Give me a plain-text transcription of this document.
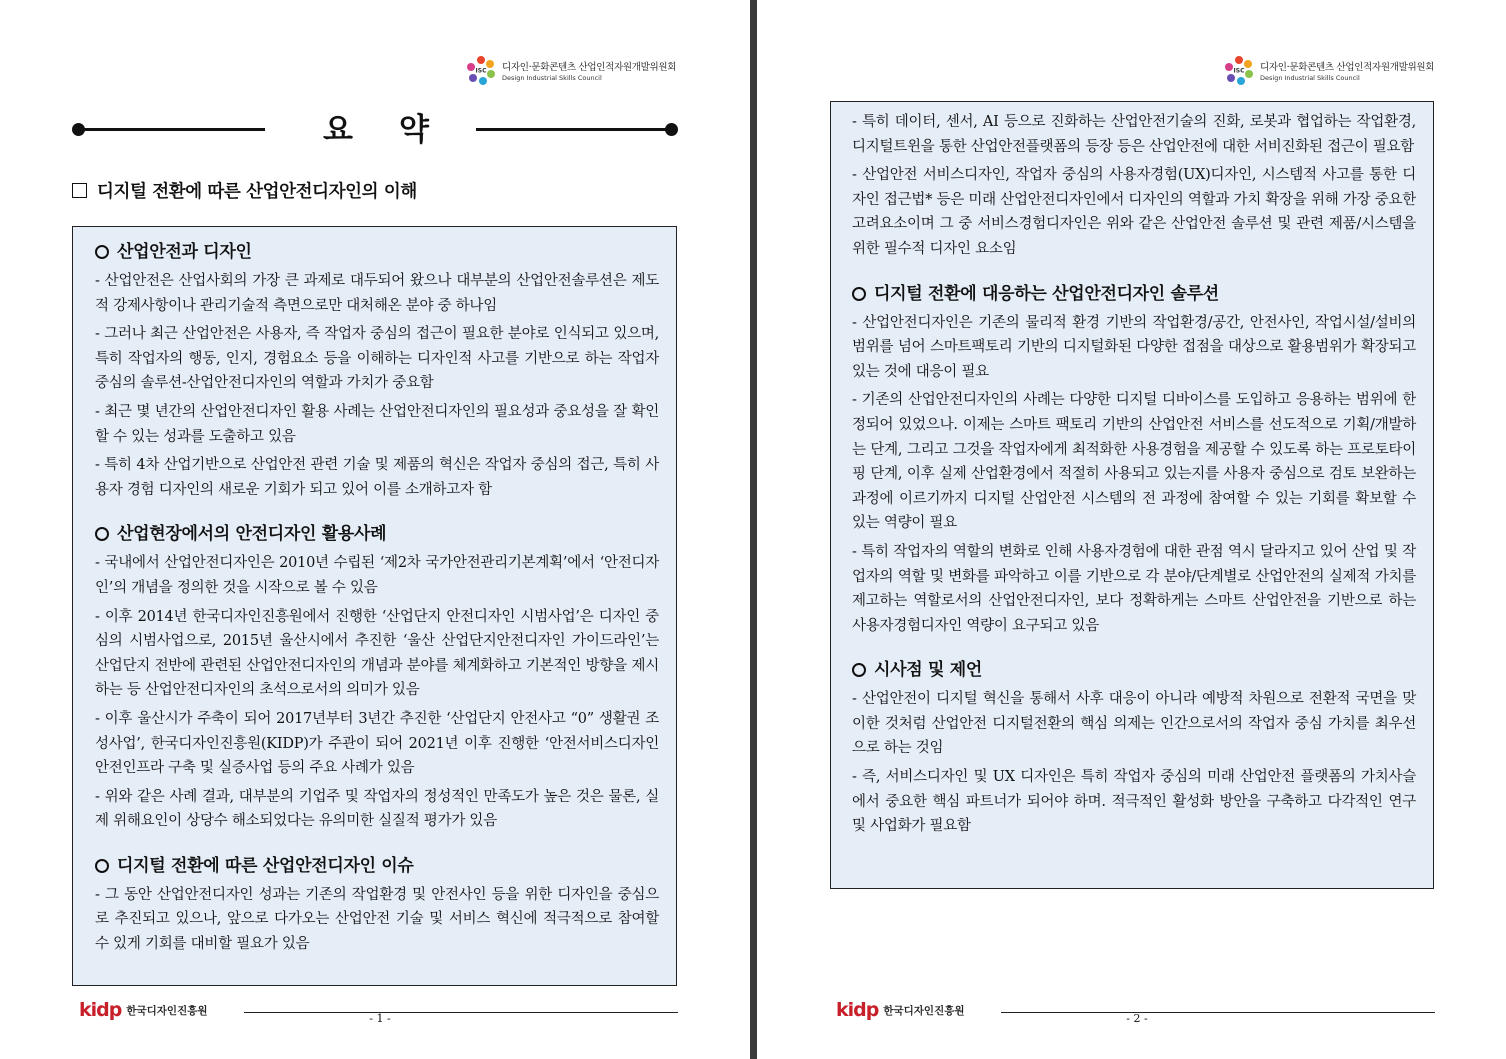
ISC 디자인·문화콘텐츠 산업인적자원개발위원회
Design Industrial Skills Council
요약
디지털 전환에 따른 산업안전디자인의 이해
산업안전과 디자인

- 산업안전은 산업사회의 가장 큰 과제로 대두되어 왔으나 대부분의 산업안전솔루션은 제도적 강제사항이나 관리기술적 측면으로만 대처해온 분야 중 하나임

- 그러나 최근 산업안전은 사용자, 즉 작업자 중심의 접근이 필요한 분야로 인식되고 있으며, 특히 작업자의 행동, 인지, 경험요소 등을 이해하는 디자인적 사고를 기반으로 하는 작업자 중심의 솔루션-산업안전디자인의 역할과 가치가 중요함

- 최근 몇 년간의 산업안전디자인 활용 사례는 산업안전디자인의 필요성과 중요성을 잘 확인할 수 있는 성과를 도출하고 있음

- 특히 4차 산업기반으로 산업안전 관련 기술 및 제품의 혁신은 작업자 중심의 접근, 특히 사용자 경험 디자인의 새로운 기회가 되고 있어 이를 소개하고자 함

산업현장에서의 안전디자인 활용사례

- 국내에서 산업안전디자인은 2010년 수립된 ‘제2차 국가안전관리기본계획’에서 ‘안전디자인’의 개념을 정의한 것을 시작으로 볼 수 있음

- 이후 2014년 한국디자인진흥원에서 진행한 ‘산업단지 안전디자인 시범사업’은 디자인 중심의 시범사업으로, 2015년 울산시에서 추진한 ‘울산 산업단지안전디자인 가이드라인’는 산업단지 전반에 관련된 산업안전디자인의 개념과 분야를 체계화하고 기본적인 방향을 제시하는 등 산업안전디자인의 초석으로서의 의미가 있음

- 이후 울산시가 주축이 되어 2017년부터 3년간 추진한 ‘산업단지 안전사고 “0” 생활권 조성사업’, 한국디자인진흥원(KIDP)가 주관이 되어 2021년 이후 진행한 ‘안전서비스디자인 안전인프라 구축 및 실증사업 등의 주요 사례가 있음

- 위와 같은 사례 결과, 대부분의 기업주 및 작업자의 정성적인 만족도가 높은 것은 물론, 실제 위해요인이 상당수 해소되었다는 유의미한 실질적 평가가 있음

디지털 전환에 따른 산업안전디자인 이슈

- 그 동안 산업안전디자인 성과는 기존의 작업환경 및 안전사인 등을 위한 디자인을 중심으로 추진되고 있으나, 앞으로 다가오는 산업안전 기술 및 서비스 혁신에 적극적으로 참여할 수 있게 기회를 대비할 필요가 있음

kidp 한국디자인진흥원
- 1 -
ISC 디자인·문화콘텐츠 산업인적자원개발위원회
Design Industrial Skills Council

- 특히 데이터, 센서, AI 등으로 진화하는 산업안전기술의 진화, 로봇과 협업하는 작업환경, 디지털트윈을 통한 산업안전플랫폼의 등장 등은 산업안전에 대한 서비진화된 접근이 필요함

- 산업안전 서비스디자인, 작업자 중심의 사용자경험(UX)디자인, 시스템적 사고를 통한 디자인 접근법* 등은 미래 산업안전디자인에서 디자인의 역할과 가치 확장을 위해 가장 중요한 고려요소이며 그 중 서비스경험디자인은 위와 같은 산업안전 솔루션 및 관련 제품/시스템을 위한 필수적 디자인 요소임

디지털 전환에 대응하는 산업안전디자인 솔루션

- 산업안전디자인은 기존의 물리적 환경 기반의 작업환경/공간, 안전사인, 작업시설/설비의 범위를 넘어 스마트팩토리 기반의 디지털화된 다양한 접점을 대상으로 활용범위가 확장되고 있는 것에 대응이 필요

- 기존의 산업안전디자인의 사례는 다양한 디지털 디바이스를 도입하고 응용하는 범위에 한정되어 있었으나. 이제는 스마트 팩토리 기반의 산업안전 서비스를 선도적으로 기획/개발하는 단계, 그리고 그것을 작업자에게 최적화한 사용경험을 제공할 수 있도록 하는 프로토타이핑 단계, 이후 실제 산업환경에서 적절히 사용되고 있는지를 사용자 중심으로 검토 보완하는 과정에 이르기까지 디지털 산업안전 시스템의 전 과정에 참여할 수 있는 기회를 확보할 수 있는 역량이 필요

- 특히 작업자의 역할의 변화로 인해 사용자경험에 대한 관점 역시 달라지고 있어 산업 및 작업자의 역할 및 변화를 파악하고 이를 기반으로 각 분야/단계별로 산업안전의 실제적 가치를 제고하는 역할로서의 산업안전디자인, 보다 정확하게는 스마트 산업안전을 기반으로 하는 사용자경험디자인 역량이 요구되고 있음

시사점 및 제언

- 산업안전이 디지털 혁신을 통해서 사후 대응이 아니라 예방적 차원으로 전환적 국면을 맞이한 것처럼 산업안전 디지털전환의 핵심 의제는 인간으로서의 작업자 중심 가치를 최우선으로 하는 것임

- 즉, 서비스디자인 및 UX 디자인은 특히 작업자 중심의 미래 산업안전 플랫폼의 가치사슬에서 중요한 핵심 파트너가 되어야 하며. 적극적인 활성화 방안을 구축하고 다각적인 연구 및 사업화가 필요함

kidp 한국디자인진흥원
- 2 -
